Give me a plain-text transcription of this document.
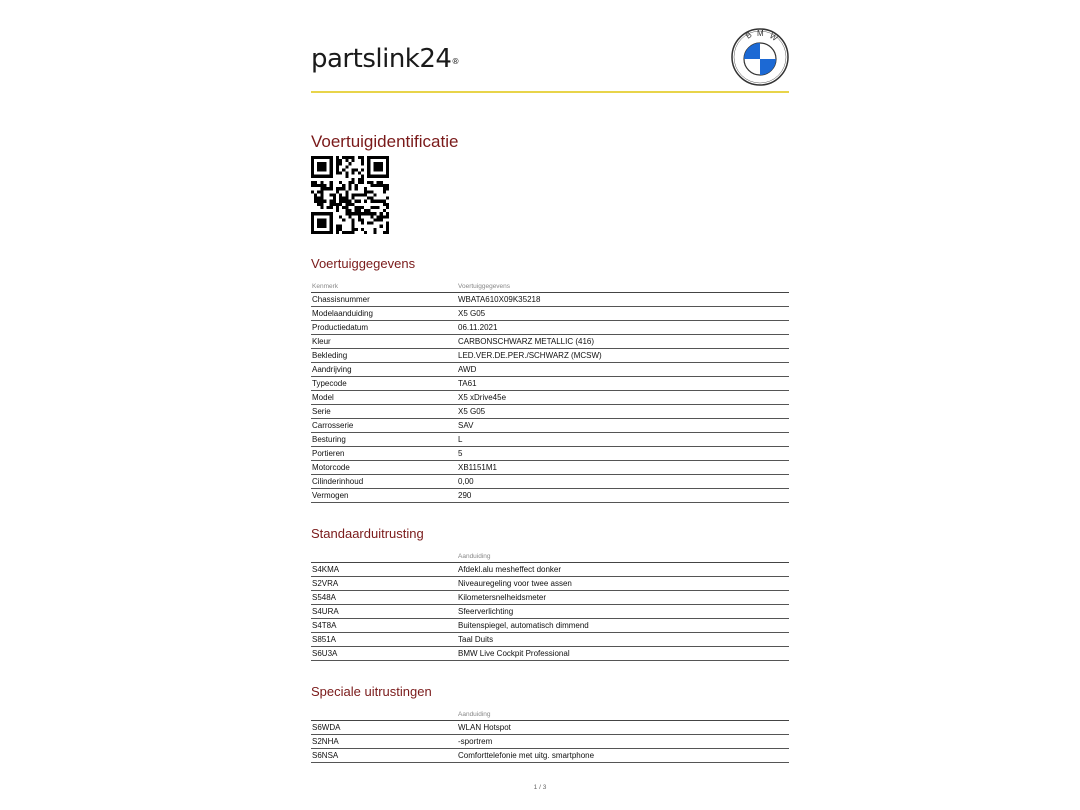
partslink24®
B M W
Voertuigidentificatie
Voertuiggegevens
Kenmerk	Voertuiggegevens
Chassisnummer	WBATA610X09K35218
Modelaanduiding	X5 G05
Productiedatum	06.11.2021
Kleur	CARBONSCHWARZ METALLIC (416)
Bekleding	LED.VER.DE.PER./SCHWARZ (MCSW)
Aandrijving	AWD
Typecode	TA61
Model	X5 xDrive45e
Serie	X5 G05
Carrosserie	SAV
Besturing	L
Portieren	5
Motorcode	XB1151M1
Cilinderinhoud	0,00
Vermogen	290
Standaarduitrusting
	Aanduiding
S4KMA	Afdekl.alu mesheffect donker
S2VRA	Niveauregeling voor twee assen
S548A	Kilometersnelheidsmeter
S4URA	Sfeerverlichting
S4T8A	Buitenspiegel, automatisch dimmend
S851A	Taal Duits
S6U3A	BMW Live Cockpit Professional
Speciale uitrustingen
	Aanduiding
S6WDA	WLAN Hotspot
S2NHA	-sportrem
S6NSA	Comforttelefonie met uitg. smartphone
1 / 3
